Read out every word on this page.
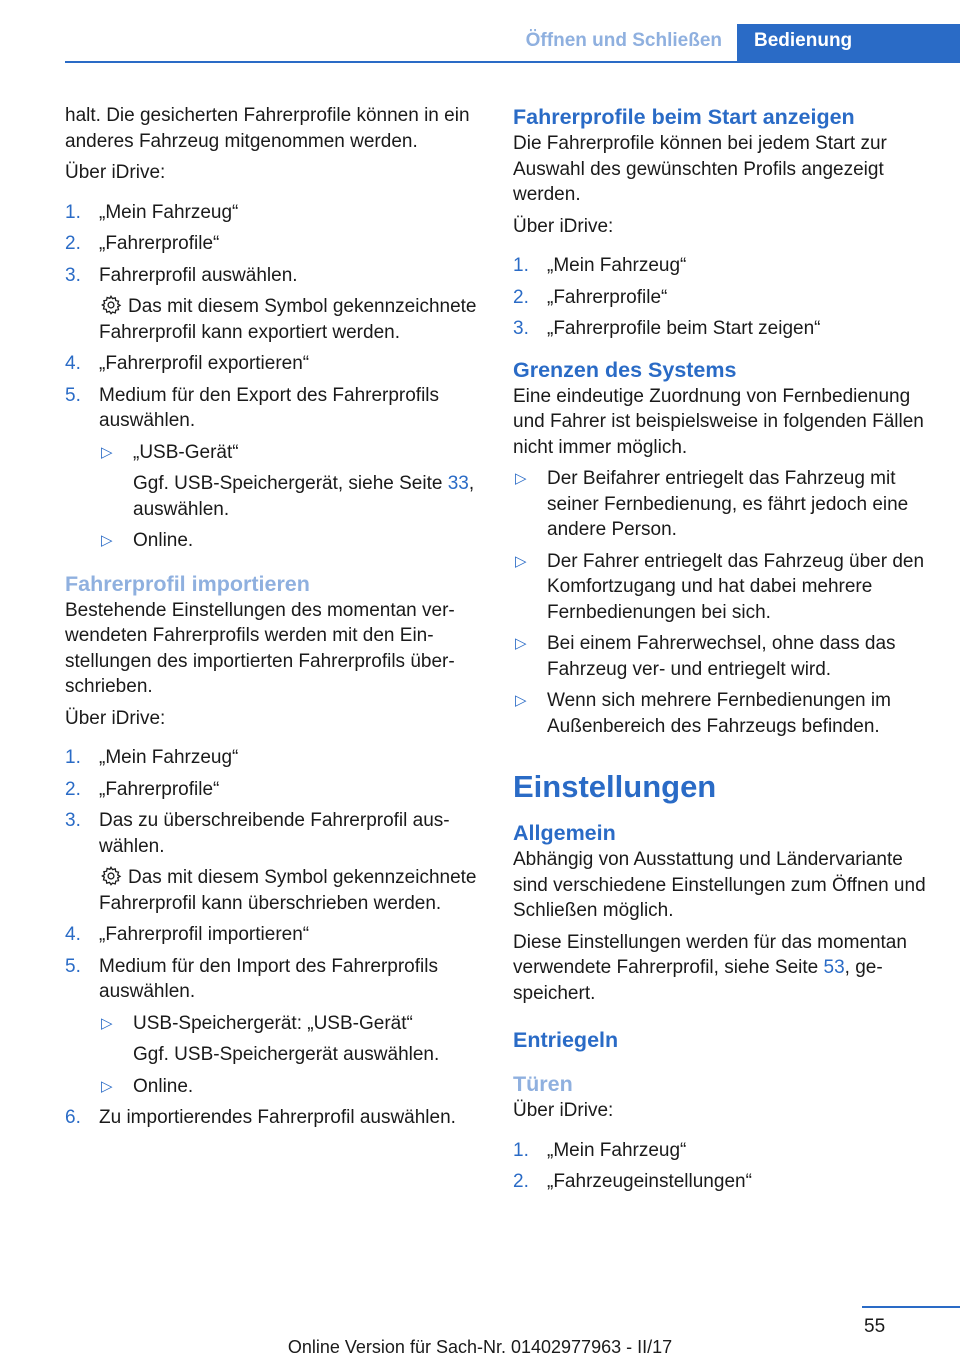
Öffnen und Schließen	Bedienung

halt. Die gesicherten Fahrerprofile können in ein anderes Fahrzeug mitgenommen werden.

Über iDrive:

1. „Mein Fahrzeug“
2. „Fahrerprofile“
3. Fahrerprofil auswählen.
Das mit diesem Symbol gekennzeichnete Fahrerprofil kann exportiert werden.
4. „Fahrerprofil exportieren“
5. Medium für den Export des Fahrerprofils auswählen.
▷ „USB-Gerät“
Ggf. USB-Speichergerät, siehe Seite 33, auswählen.
▷ Online.
Fahrerprofil importieren

Bestehende Einstellungen des momentan verwendeten Fahrerprofils werden mit den Einstellungen des importierten Fahrerprofils überschrieben.

Über iDrive:

1. „Mein Fahrzeug“
2. „Fahrerprofile“
3. Das zu überschreibende Fahrerprofil auswählen.
Das mit diesem Symbol gekennzeichnete Fahrerprofil kann überschrieben werden.
4. „Fahrerprofil importieren“
5. Medium für den Import des Fahrerprofils auswählen.
▷ USB-Speichergerät: „USB-Gerät“
Ggf. USB-Speichergerät auswählen.
▷ Online.
6. Zu importierendes Fahrerprofil auswählen.
Fahrerprofile beim Start anzeigen

Die Fahrerprofile können bei jedem Start zur Auswahl des gewünschten Profils angezeigt werden.

Über iDrive:

1. „Mein Fahrzeug“
2. „Fahrerprofile“
3. „Fahrerprofile beim Start zeigen“
Grenzen des Systems

Eine eindeutige Zuordnung von Fernbedienung und Fahrer ist beispielsweise in folgenden Fällen nicht immer möglich.

▷ Der Beifahrer entriegelt das Fahrzeug mit seiner Fernbedienung, es fährt jedoch eine andere Person.
▷ Der Fahrer entriegelt das Fahrzeug über den Komfortzugang und hat dabei mehrere Fernbedienungen bei sich.
▷ Bei einem Fahrerwechsel, ohne dass das Fahrzeug ver- und entriegelt wird.
▷ Wenn sich mehrere Fernbedienungen im Außenbereich des Fahrzeugs befinden.
Einstellungen
Allgemein

Abhängig von Ausstattung und Ländervariante sind verschiedene Einstellungen zum Öffnen und Schließen möglich.

Diese Einstellungen werden für das momentan verwendete Fahrerprofil, siehe Seite 53, gespeichert.

Entriegeln
Türen

Über iDrive:

1. „Mein Fahrzeug“
2. „Fahrzeugeinstellungen“
55
Online Version für Sach-Nr. 01402977963 - II/17
